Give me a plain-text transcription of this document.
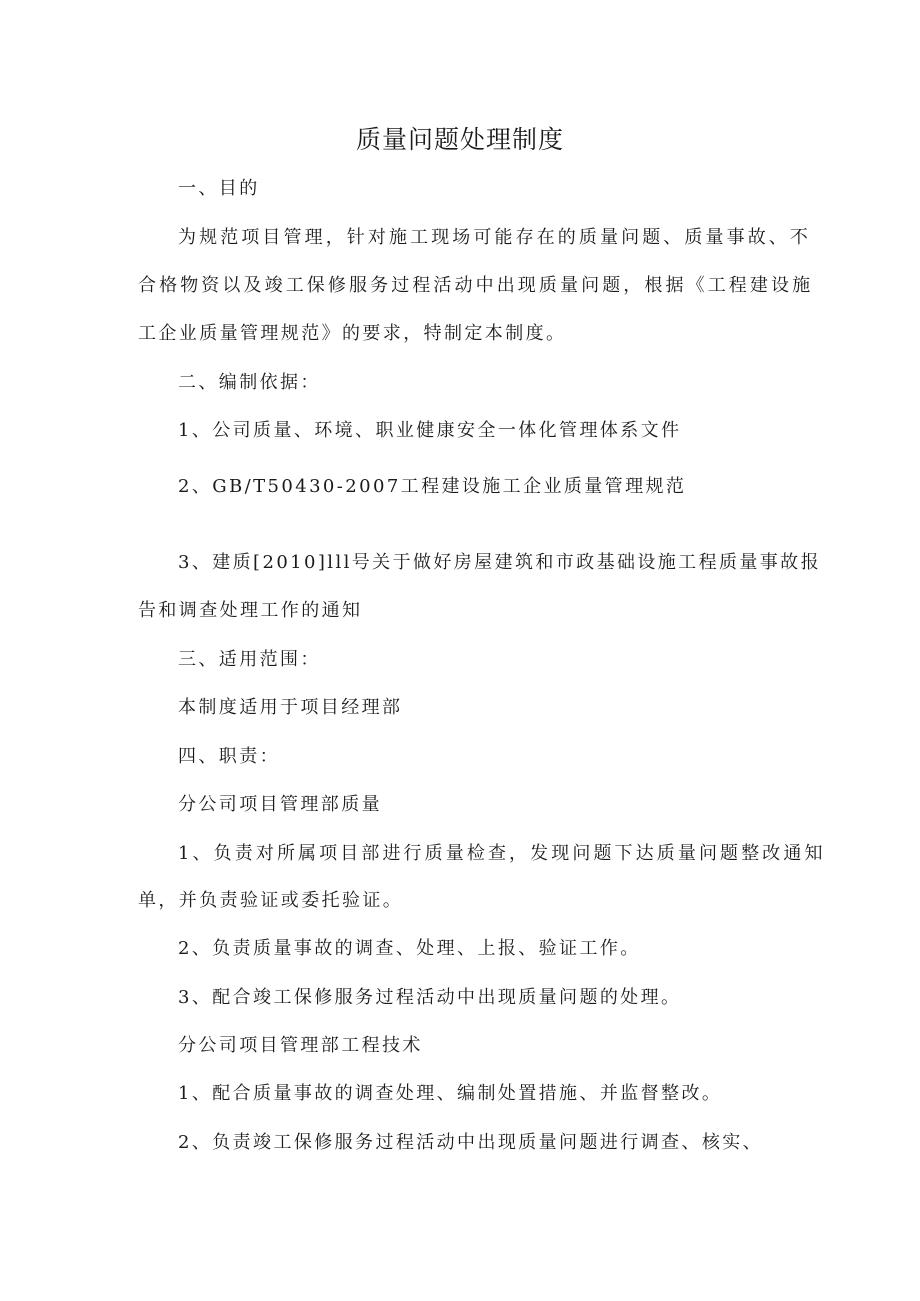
质量问题处理制度
一、目的
为规范项目管理，针对施工现场可能存在的质量问题、质量事故、不
合格物资以及竣工保修服务过程活动中出现质量问题，根据《工程建设施
工企业质量管理规范》的要求，特制定本制度。
二、编制依据：
1、公司质量、环境、职业健康安全一体化管理体系文件
2、GB/T50430-2007工程建设施工企业质量管理规范
3、建质[2010]lll号关于做好房屋建筑和市政基础设施工程质量事故报
告和调查处理工作的通知
三、适用范围：
本制度适用于项目经理部
四、职责：
分公司项目管理部质量
1、负责对所属项目部进行质量检查，发现问题下达质量问题整改通知
单，并负责验证或委托验证。
2、负责质量事故的调查、处理、上报、验证工作。
3、配合竣工保修服务过程活动中出现质量问题的处理。
分公司项目管理部工程技术
1、配合质量事故的调查处理、编制处置措施、并监督整改。
2、负责竣工保修服务过程活动中出现质量问题进行调查、核实、
